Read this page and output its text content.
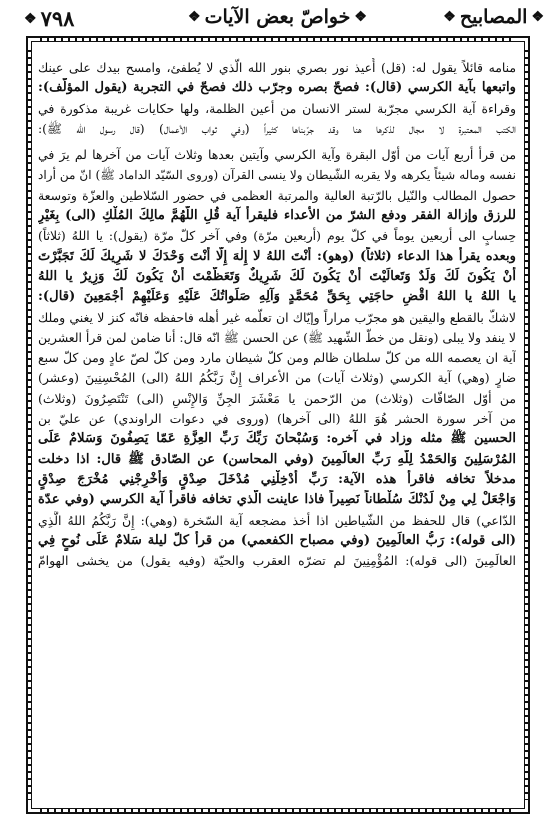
❖ ٧٩٨	❖ خواصّ بعض الآيات ❖	❖ المصابيح ❖
منامه قائلاً يقول له: (قل) أُعيذ نور بصري بنور الله الّذي لا يُطفئ، وامسح بيدك على عينك
واتبعها بآية الكرسي (قال): فصحّ بصره وجرّب ذلك فصحّ في التجربة (يقول المؤلّف):
وقراءة آية الكرسي مجرّبة لستر الانسان من أعين الظلمة، ولها حكايات غريبة مذكورة في
الكتب المعتبرة لا مجال لذكرها هنا وقد جرّبناها كثيراً (وفي ثواب الأعمال) (قال رسول الله ﷺ):
من قرأ أربع آيات من أوّل البقرة وآية الكرسي وآيتين بعدها وثلاث آيات من آخرها لم يرَ في
نفسه وماله شيئاً يكرهه ولا يقربه الشّيطان ولا ينسى القرآن (وروى السّيّد الداماد ﷺ) انّ من أراد
حصول المطالب والنّيل بالرّتبة العالية والمرتبة العظمى في حضور السّلاطين والعزّة وتوسعة
للرزق وإزالة الفقر ودفع الشرّ من الأعداء فليقرأ آية قُلِ اللّهُمَّ مالِكَ المُلْكِ (الى) بِغَيْرِ
حِسابٍ الى أربعين يوماً في كلّ يوم (أربعين مرّة) وفي آخر كلّ مرّة (يقول): يا اللهُ (ثلاثاً)
وبعده يقرأ هذا الدعاء (ثلاثاً) (وهو): أَنْتَ اللهُ لا إِلٰهَ إِلّا أَنْتَ وَحْدَكَ لا شَرِيكَ لَكَ تَجَبَّرْتَ
أَنْ يَكُونَ لَكَ وَلَدٌ وَتَعالَيْتَ أَنْ يَكُونَ لَكَ شَرِيكٌ وَتَعَظَّمْتَ أَنْ يَكُونَ لَكَ وَزِيرٌ يا اللهُ
يا اللهُ يا اللهُ اقْضِ حاجَتِي بِحَقِّ مُحَمَّدٍ وَآلِهِ صَلَواتُكَ عَلَيْهِ وَعَلَيْهِمْ أَجْمَعِينَ (قال):
لاشكّ بالقطع واليقين هو مجرّب مراراً وإيّاك ان تعلّمه غير أهله فاحفظه فانّه كنز لا يغني وملك
لا ينفد ولا يبلى (ونقل من خطّ الشّهيد ﷺ) عن الحسن ﷺ انّه قال: أنا ضامن لمن قرأ العشرين
آية ان يعصمه الله من كلّ سلطان ظالم ومن كلّ شيطان مارد ومن كلّ لصّ عادٍ ومن كلّ سبع
ضارٍ (وهي) آية الكرسي (وثلاث آيات) من الأعراف إِنَّ رَبَّكُمُ اللهُ (الى) المُحْسِنِينَ (وعشر)
من أوّل الصّافّات (وثلاث) من الرّحمن يا مَعْشَرَ الجِنِّ وَالإِنْسِ (الى) تَنْتَصِرُونَ (وثلاث)
من آخر سورة الحشر هُوَ اللهُ (الى آخرها) (وروى في دعوات الراوندي) عن عليّ بن
الحسين ﷺ مثله وزاد في آخره: وَسُبْحانَ رَبِّكَ رَبِّ العِزَّةِ عَمّا يَصِفُونَ وَسَلامٌ عَلَى
المُرْسَلِينَ وَالحَمْدُ لِلّهِ رَبِّ العالَمِينَ (وفي المحاسن) عن الصّادق ﷺ قال: اذا دخلت
مدخلاً تخافه فاقرأ هذه الآية: رَبِّ أَدْخِلْنِي مُدْخَلَ صِدْقٍ وَأَخْرِجْنِي مُخْرَجَ صِدْقٍ
وَاجْعَلْ لِي مِنْ لَدُنْكَ سُلْطاناً نَصِيراً فاذا عاينت الّذي تخافه فاقرأ آية الكرسي (وفي عدّة
الدّاعي) قال للحفظ من الشّياطين اذا أخذ مضجعه آية السّخرة (وهي): إِنَّ رَبَّكُمُ اللهُ الَّذِي
(الى قوله): رَبُّ العالَمِينَ (وفي مصباح الكفعمي) من قرأ كلّ ليلة سَلامٌ عَلَى نُوحٍ فِي
العالَمِينَ (الى قوله): المُؤْمِنِينَ لم تضرّه العقرب والحيّة (وفيه يقول) من يخشى الهوامّ
